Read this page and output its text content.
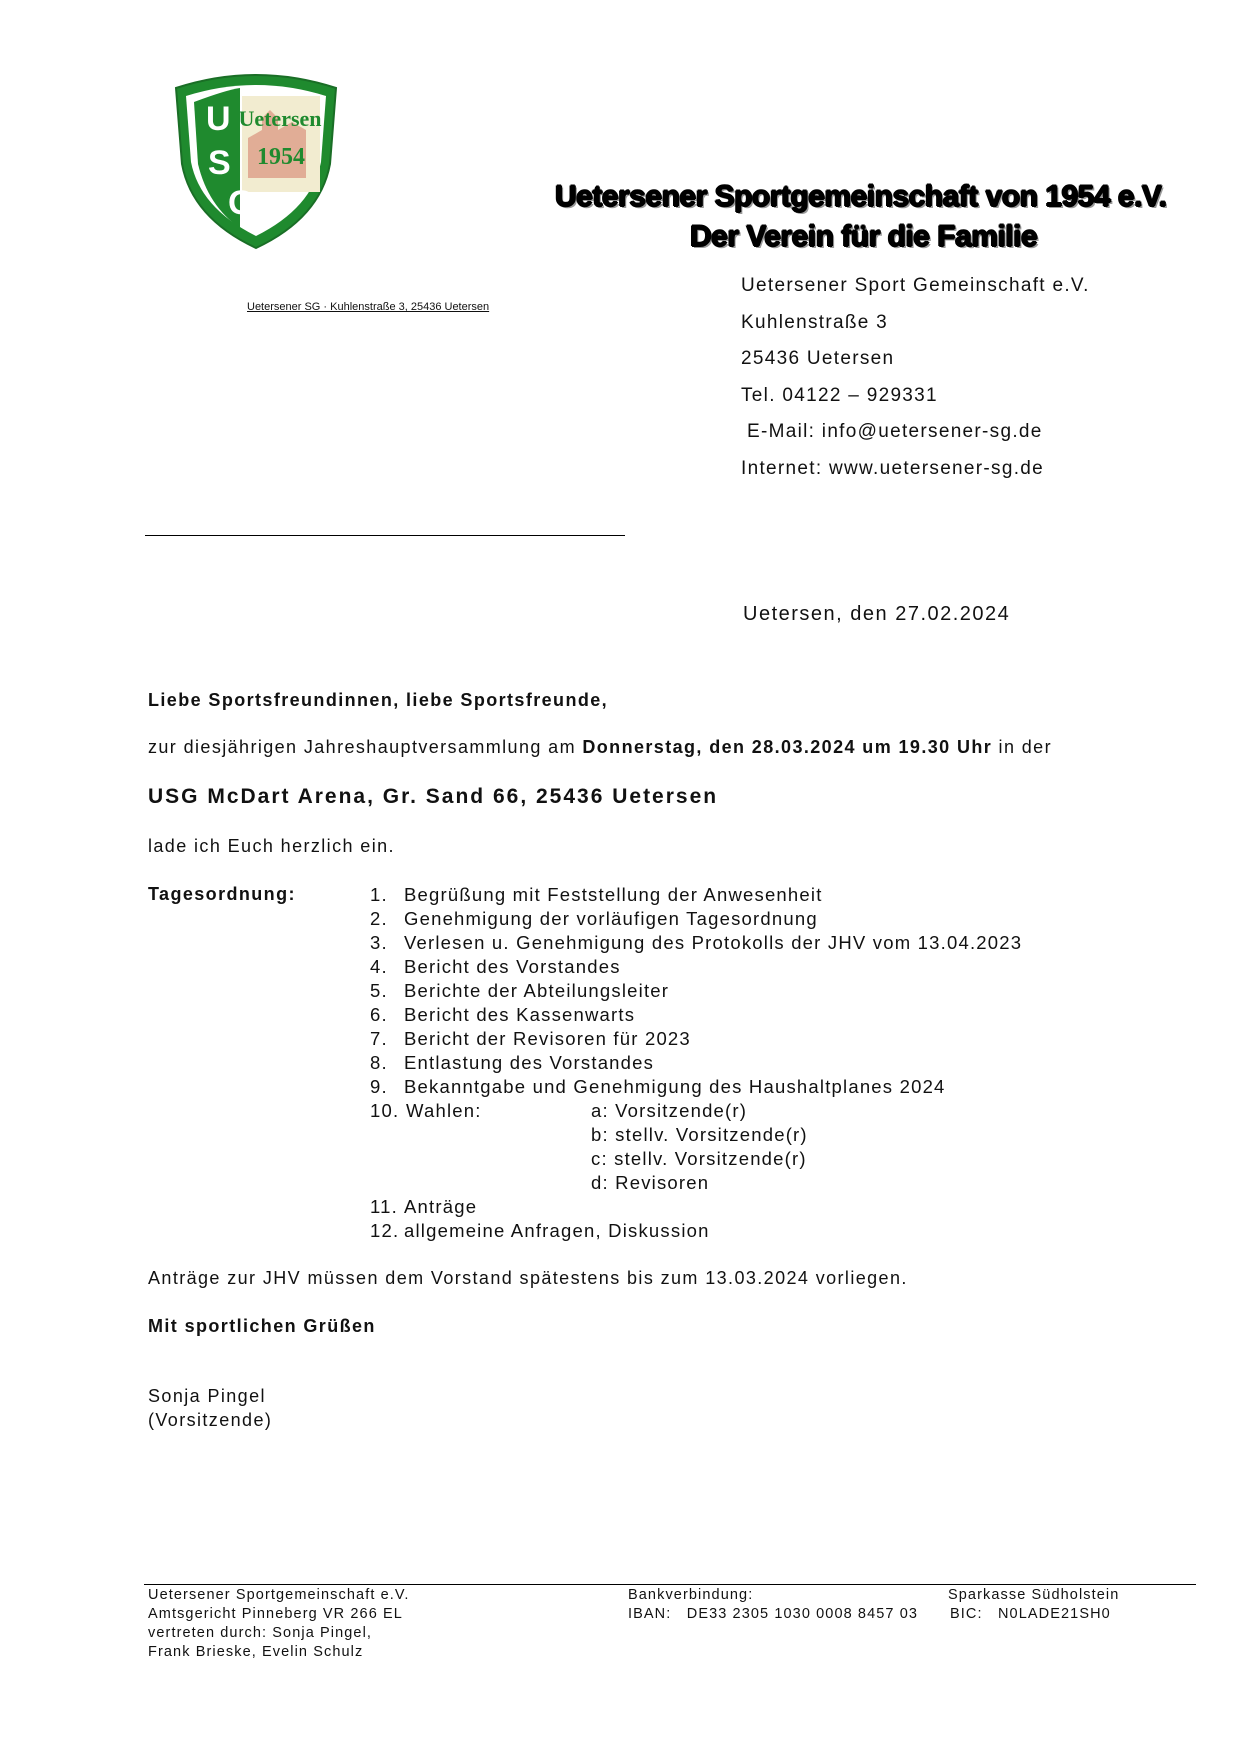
U
S
G
Uetersen
1954
Uetersener Sportgemeinschaft von 1954 e.V.
Der Verein für die Familie
Uetersener SG · Kuhlenstraße 3, 25436 Uetersen
Uetersener Sport Gemeinschaft e.V.
Kuhlenstraße 3
25436 Uetersen
Tel. 04122 – 929331
E-Mail: info@uetersener-sg.de
Internet: www.uetersener-sg.de
Uetersen, den 27.02.2024
Liebe Sportsfreundinnen, liebe Sportsfreunde,
zur diesjährigen Jahreshauptversammlung am Donnerstag, den 28.03.2024 um 19.30 Uhr in der
USG McDart Arena, Gr. Sand 66, 25436 Uetersen
lade ich Euch herzlich ein.
Tagesordnung:	1. Begrüßung mit Feststellung der Anwesenheit
2. Genehmigung der vorläufigen Tagesordnung
3. Verlesen u. Genehmigung des Protokolls der JHV vom 13.04.2023
4. Bericht des Vorstandes
5. Berichte der Abteilungsleiter
6. Bericht des Kassenwarts
7. Bericht der Revisoren für 2023
8. Entlastung des Vorstandes
9. Bekanntgabe und Genehmigung des Haushaltplanes 2024
10. Wahlen:	a: Vorsitzende(r)
b: stellv. Vorsitzende(r)
c: stellv. Vorsitzende(r)
d: Revisoren
11. Anträge
12. allgemeine Anfragen, Diskussion
Anträge zur JHV müssen dem Vorstand spätestens bis zum 13.03.2024 vorliegen.
Mit sportlichen Grüßen
Sonja Pingel
(Vorsitzende)
Uetersener Sportgemeinschaft e.V.
Amtsgericht Pinneberg VR 266 EL
vertreten durch: Sonja Pingel,
Frank Brieske, Evelin Schulz
Bankverbindung:
IBAN:   DE33 2305 1030 0008 8457 03
Sparkasse Südholstein
BIC:   N0LADE21SH0
